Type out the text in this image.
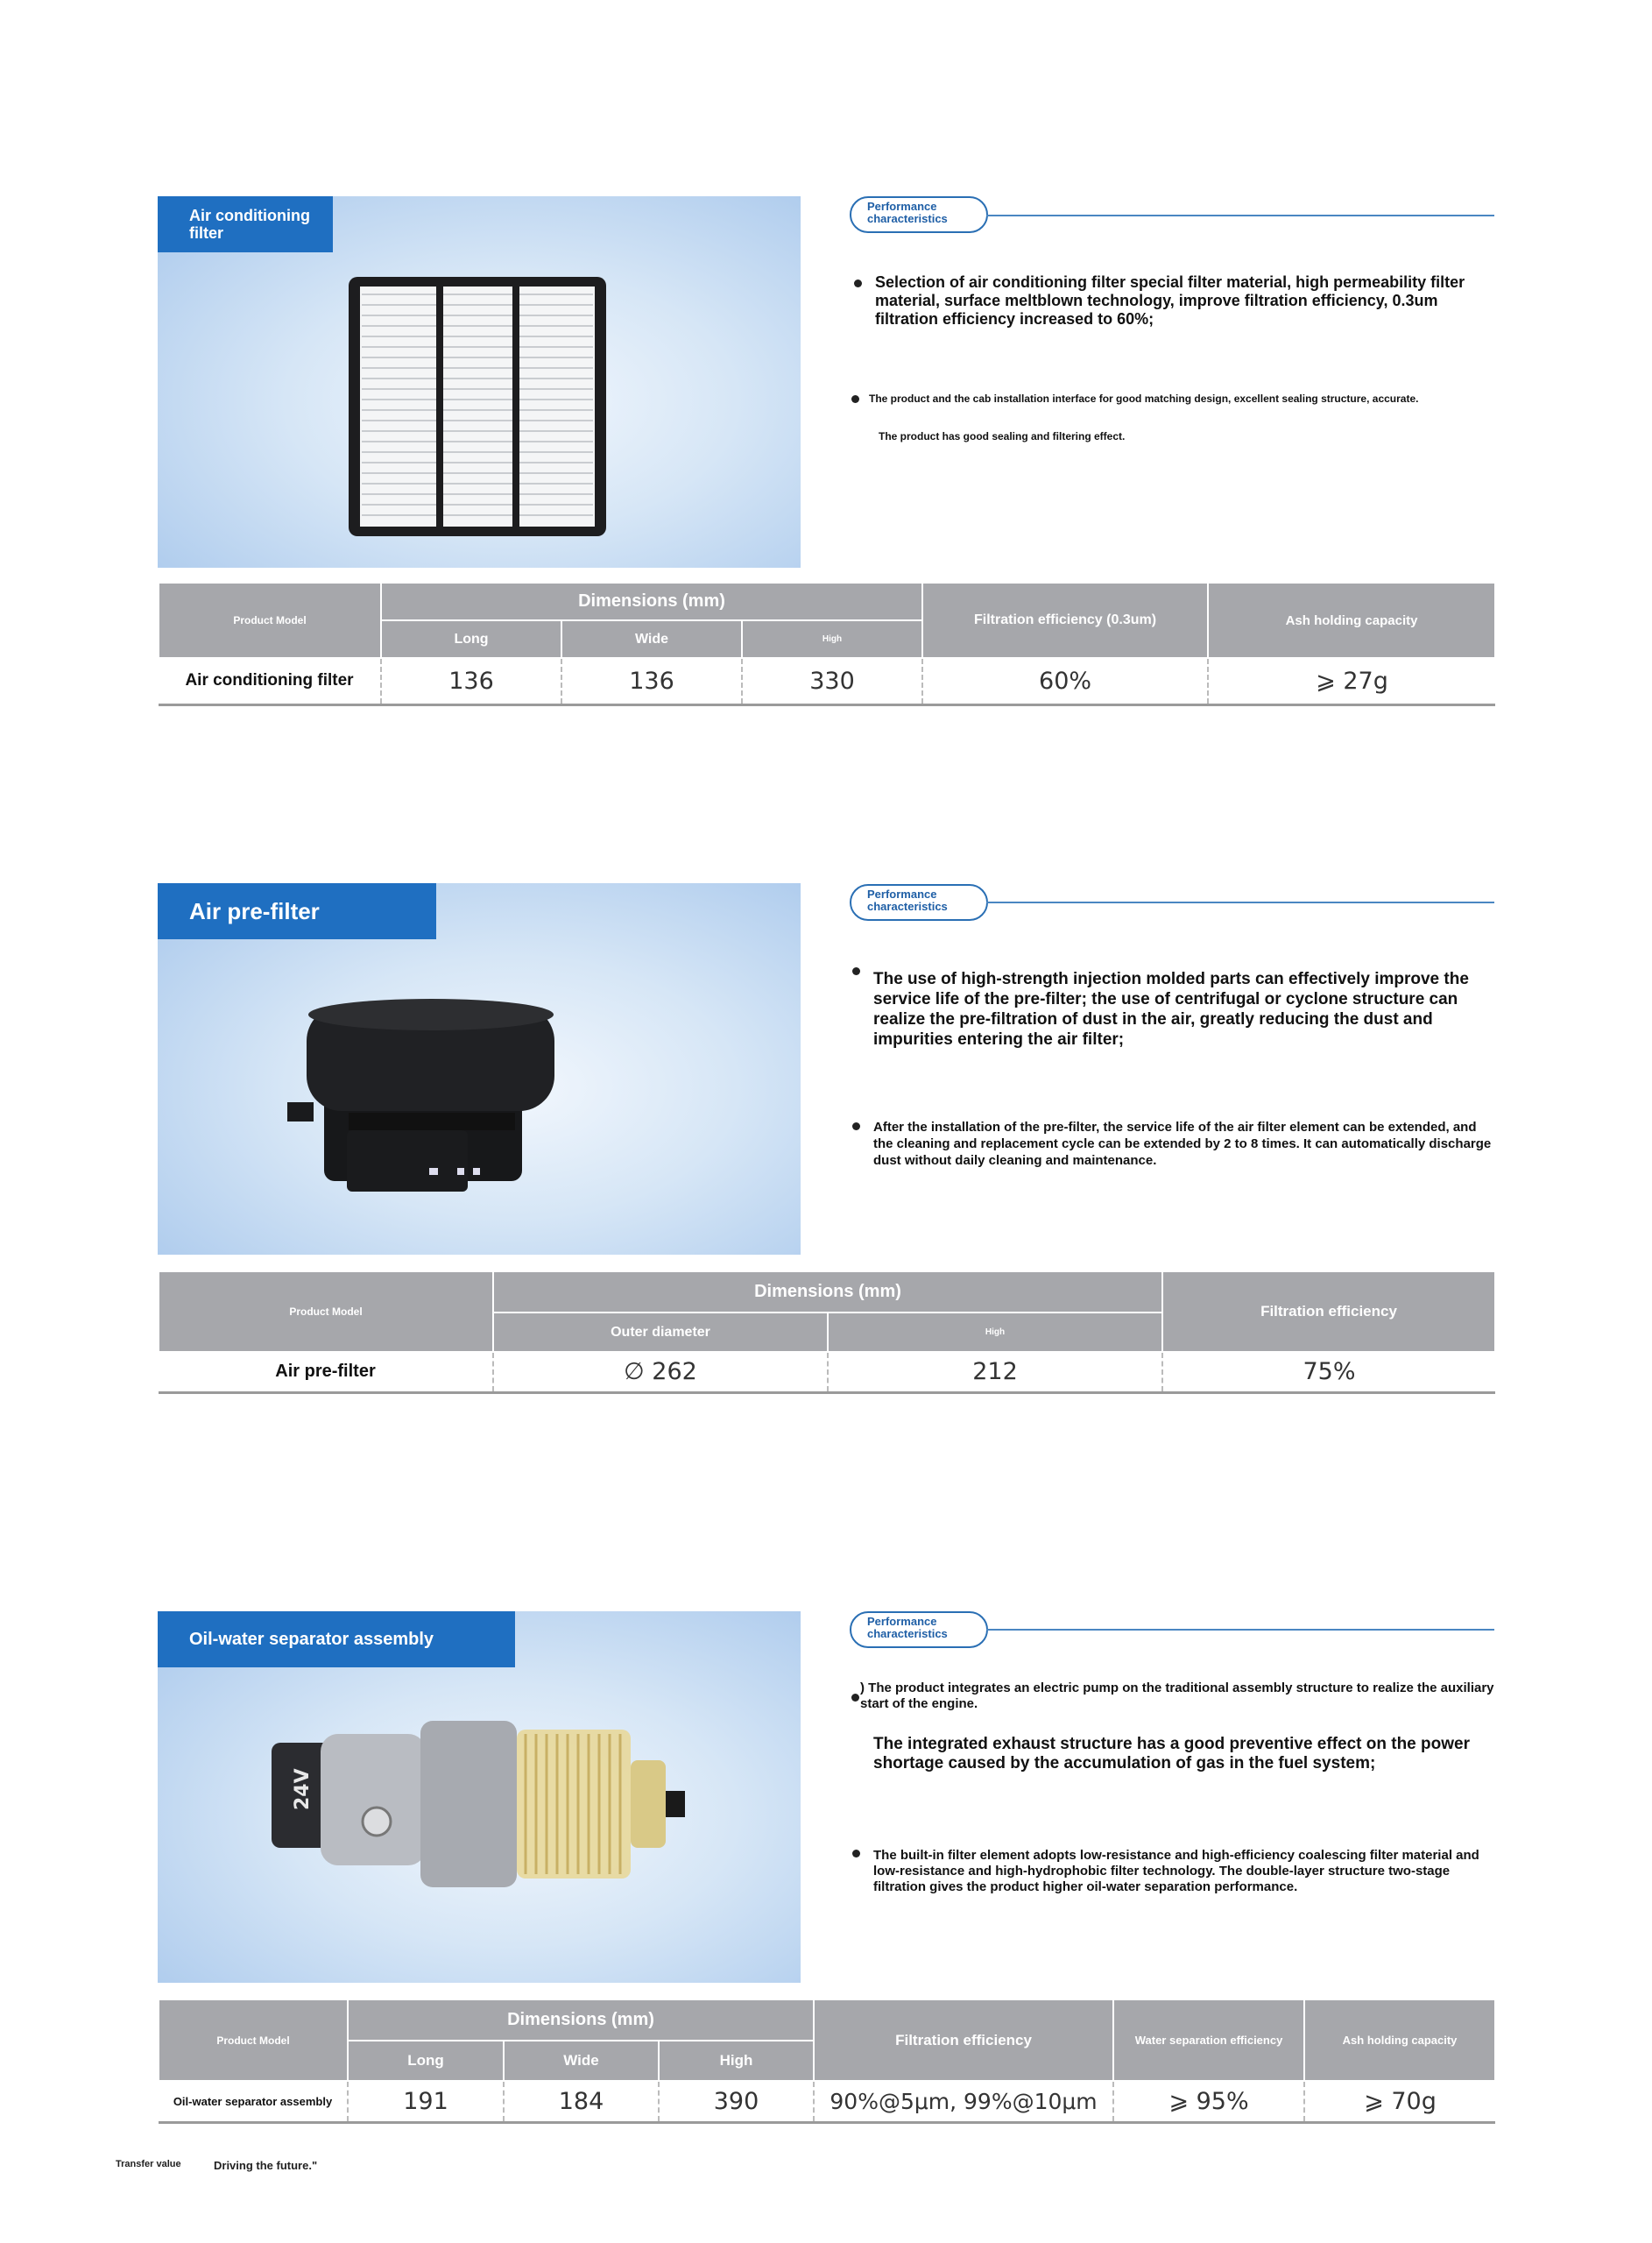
Air conditioning
filter
Performance
characteristics
Selection of air conditioning filter special filter material, high permeability filter material, surface meltblown technology, improve filtration efficiency, 0.3um filtration efficiency increased to 60%;
The product and the cab installation interface for good matching design, excellent sealing structure, accurate.
The product has good sealing and filtering effect.
Product Model	Dimensions (mm)			Filtration efficiency (0.3um)	Ash holding capacity
	Long	Wide	High		
Air conditioning filter	136	136	330	60%	⩾ 27g

Air pre-filter
Performance
characteristics
The use of high-strength injection molded parts can effectively improve the service life of the pre-filter; the use of centrifugal or cyclone structure can realize the pre-filtration of dust in the air, greatly reducing the dust and impurities entering the air filter;
After the installation of the pre-filter, the service life of the air filter element can be extended, and the cleaning and replacement cycle can be extended by 2 to 8 times. It can automatically discharge dust without daily cleaning and maintenance.
Product Model	Dimensions (mm)		Filtration efficiency
	Outer diameter	High	
Air pre-filter	∅ 262	212	75%
24V

Oil-water separator assembly
Performance
characteristics
) The product integrates an electric pump on the traditional assembly structure to realize the auxiliary start of the engine.
The integrated exhaust structure has a good preventive effect on the power shortage caused by the accumulation of gas in the fuel system;
The built-in filter element adopts low-resistance and high-efficiency coalescing filter material and low-resistance and high-hydrophobic filter technology. The double-layer structure two-stage filtration gives the product higher oil-water separation performance.
Product Model	Dimensions (mm)			Filtration efficiency	Water separation efficiency	Ash holding capacity
	Long	Wide	High			
Oil-water separator assembly	191	184	390	90%@5μm, 99%@10μm	⩾ 95%	⩾ 70g
Transfer value	Driving the future."
